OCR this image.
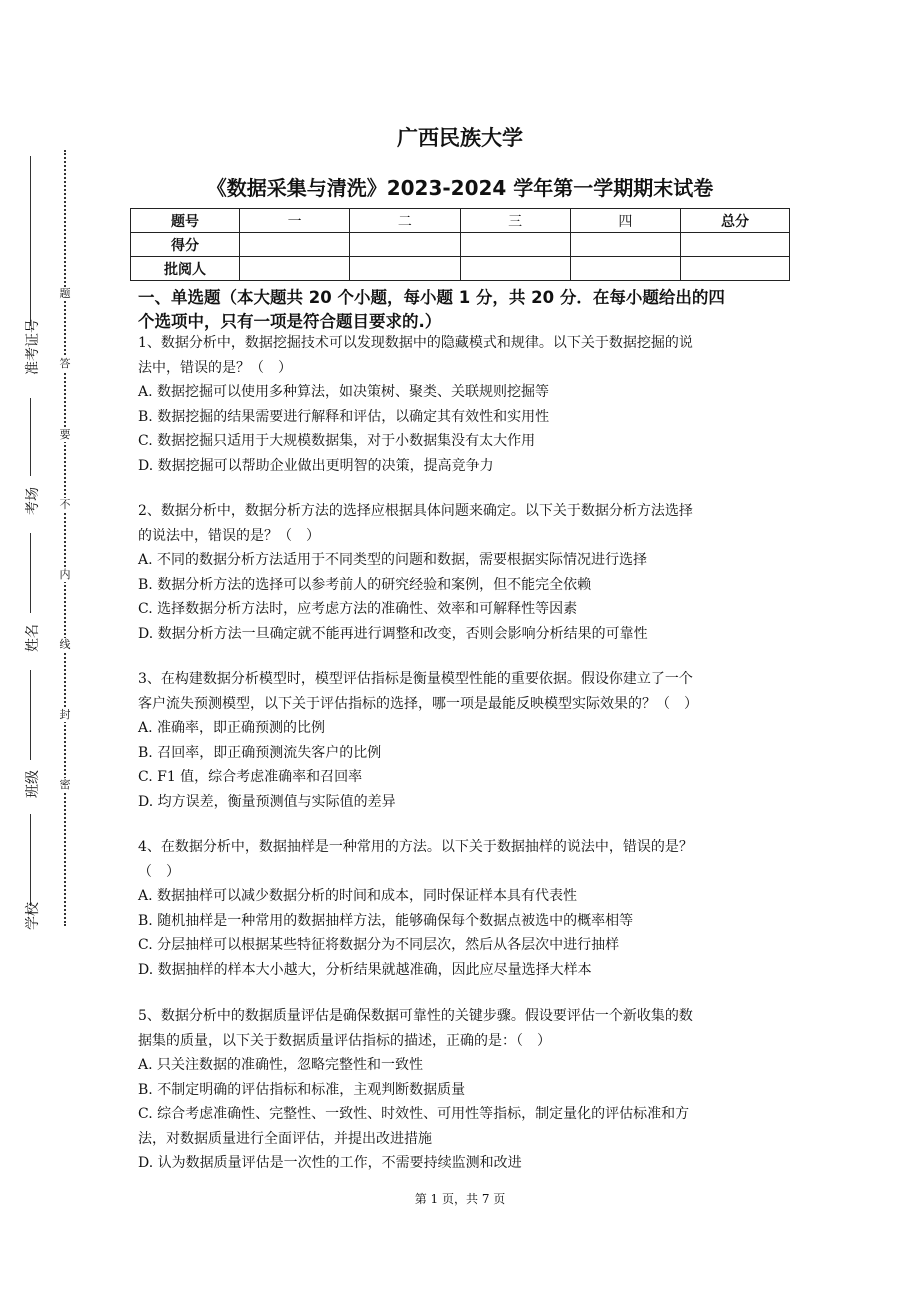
题
答
要
不
内
线
封
密
准考证号
考场
姓名
班级
学校
广西民族大学
《数据采集与清洗》2023-2024 学年第一学期期末试卷
题号	一	二	三	四	总分
得分					
批阅人					
一、单选题（本大题共 20 个小题，每小题 1 分，共 20 分．在每小题给出的四
个选项中，只有一项是符合题目要求的.）

1、数据分析中，数据挖掘技术可以发现数据中的隐藏模式和规律。以下关于数据挖掘的说

法中，错误的是？（　）

A. 数据挖掘可以使用多种算法，如决策树、聚类、关联规则挖掘等

B. 数据挖掘的结果需要进行解释和评估，以确定其有效性和实用性

C. 数据挖掘只适用于大规模数据集，对于小数据集没有太大作用

D. 数据挖掘可以帮助企业做出更明智的决策，提高竞争力

2、数据分析中，数据分析方法的选择应根据具体问题来确定。以下关于数据分析方法选择

的说法中，错误的是？（　）

A. 不同的数据分析方法适用于不同类型的问题和数据，需要根据实际情况进行选择

B. 数据分析方法的选择可以参考前人的研究经验和案例，但不能完全依赖

C. 选择数据分析方法时，应考虑方法的准确性、效率和可解释性等因素

D. 数据分析方法一旦确定就不能再进行调整和改变，否则会影响分析结果的可靠性

3、在构建数据分析模型时，模型评估指标是衡量模型性能的重要依据。假设你建立了一个

客户流失预测模型，以下关于评估指标的选择，哪一项是最能反映模型实际效果的？（　）

A. 准确率，即正确预测的比例

B. 召回率，即正确预测流失客户的比例

C. F1 值，综合考虑准确率和召回率

D. 均方误差，衡量预测值与实际值的差异

4、在数据分析中，数据抽样是一种常用的方法。以下关于数据抽样的说法中，错误的是？

（　）

A. 数据抽样可以减少数据分析的时间和成本，同时保证样本具有代表性

B. 随机抽样是一种常用的数据抽样方法，能够确保每个数据点被选中的概率相等

C. 分层抽样可以根据某些特征将数据分为不同层次，然后从各层次中进行抽样

D. 数据抽样的样本大小越大，分析结果就越准确，因此应尽量选择大样本

5、数据分析中的数据质量评估是确保数据可靠性的关键步骤。假设要评估一个新收集的数

据集的质量，以下关于数据质量评估指标的描述，正确的是：（　）

A. 只关注数据的准确性，忽略完整性和一致性

B. 不制定明确的评估指标和标准，主观判断数据质量

C. 综合考虑准确性、完整性、一致性、时效性、可用性等指标，制定量化的评估标准和方

法，对数据质量进行全面评估，并提出改进措施

D. 认为数据质量评估是一次性的工作，不需要持续监测和改进

第 1 页，共 7 页
